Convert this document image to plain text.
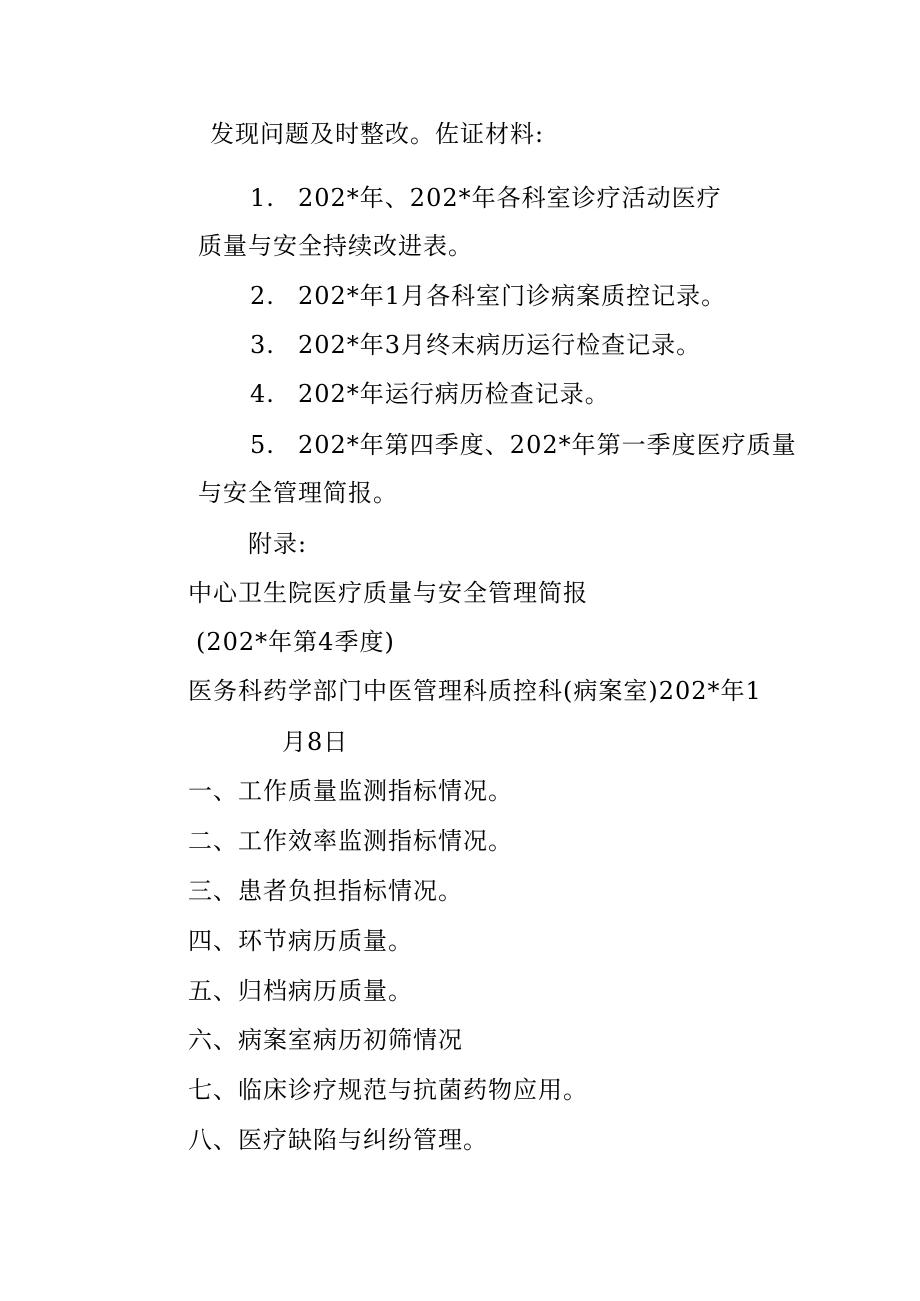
发现问题及时整改。佐证材料:
1. 202*年、202*年各科室诊疗活动医疗
质量与安全持续改进表。
2. 202*年1月各科室门诊病案质控记录。
3. 202*年3月终末病历运行检查记录。
4. 202*年运行病历检查记录。
5. 202*年第四季度、202*年第一季度医疗质量
与安全管理简报。
附录:
中心卫生院医疗质量与安全管理简报
(202*年第4季度)
医务科药学部门中医管理科质控科(病案室)202*年1
月8日
一、工作质量监测指标情况。
二、工作效率监测指标情况。
三、患者负担指标情况。
四、环节病历质量。
五、归档病历质量。
六、病案室病历初筛情况
七、临床诊疗规范与抗菌药物应用。
八、医疗缺陷与纠纷管理。
